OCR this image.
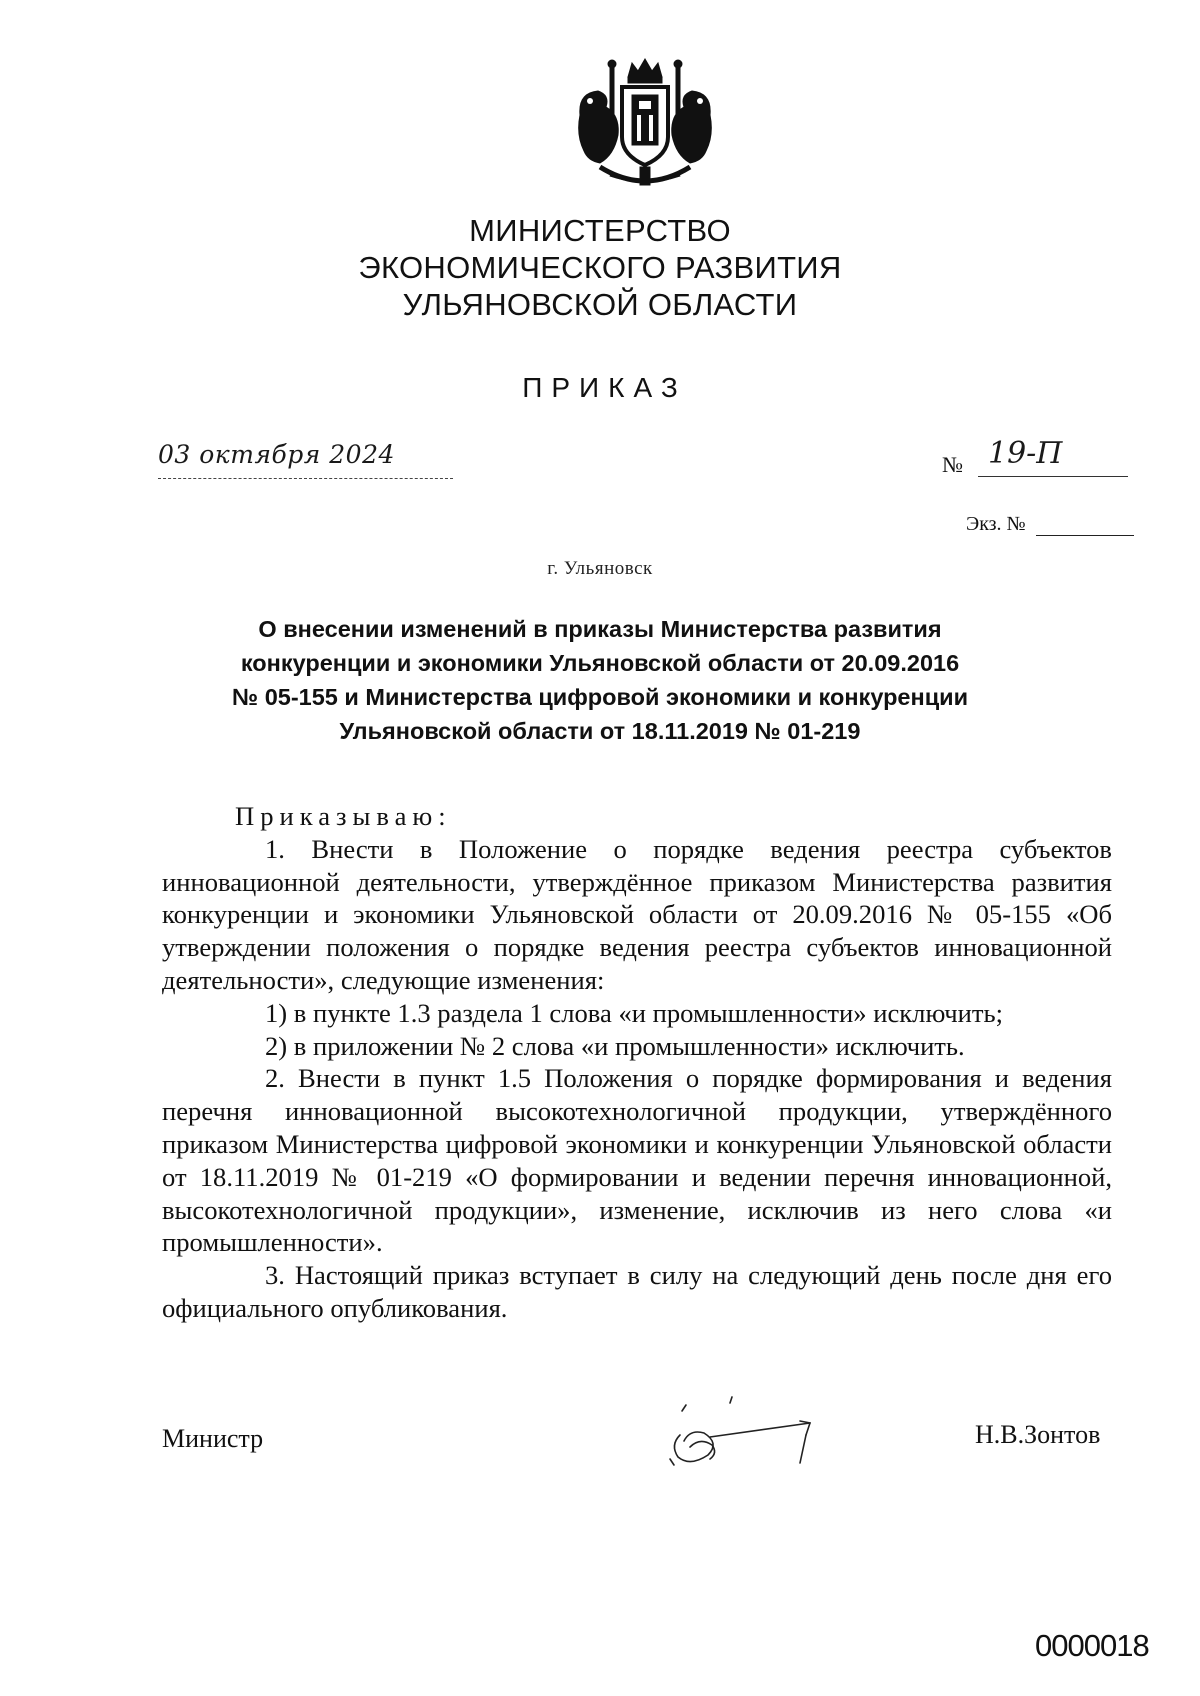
МИНИСТЕРСТВО
ЭКОНОМИЧЕСКОГО РАЗВИТИЯ
УЛЬЯНОВСКОЙ ОБЛАСТИ
ПРИКАЗ
03 октября 2024	№ 19-П
Экз. №
г. Ульяновск
О внесении изменений в приказы Министерства развития
конкуренции и экономики Ульяновской области от 20.09.2016
№ 05-155 и Министерства цифровой экономики и конкуренции
Ульяновской области от 18.11.2019 № 01-219

Приказываю:

1. Внести в Положение о порядке ведения реестра субъектов инновационной деятельности, утверждённое приказом Министерства развития конкуренции и экономики Ульяновской области от 20.09.2016 № 05-155 «Об утверждении положения о порядке ведения реестра субъектов инновационной деятельности», следующие изменения:

1) в пункте 1.3 раздела 1 слова «и промышленности» исключить;

2) в приложении № 2 слова «и промышленности» исключить.

2. Внести в пункт 1.5 Положения о порядке формирования и ведения перечня инновационной высокотехнологичной продукции, утверждённого приказом Министерства цифровой экономики и конкуренции Ульяновской области от 18.11.2019 № 01-219 «О формировании и ведении перечня инновационной, высокотехнологичной продукции», изменение, исключив из него слова «и промышленности».

3. Настоящий приказ вступает в силу на следующий день после дня его официального опубликования.

Министр	Н.В.Зонтов
0000018
